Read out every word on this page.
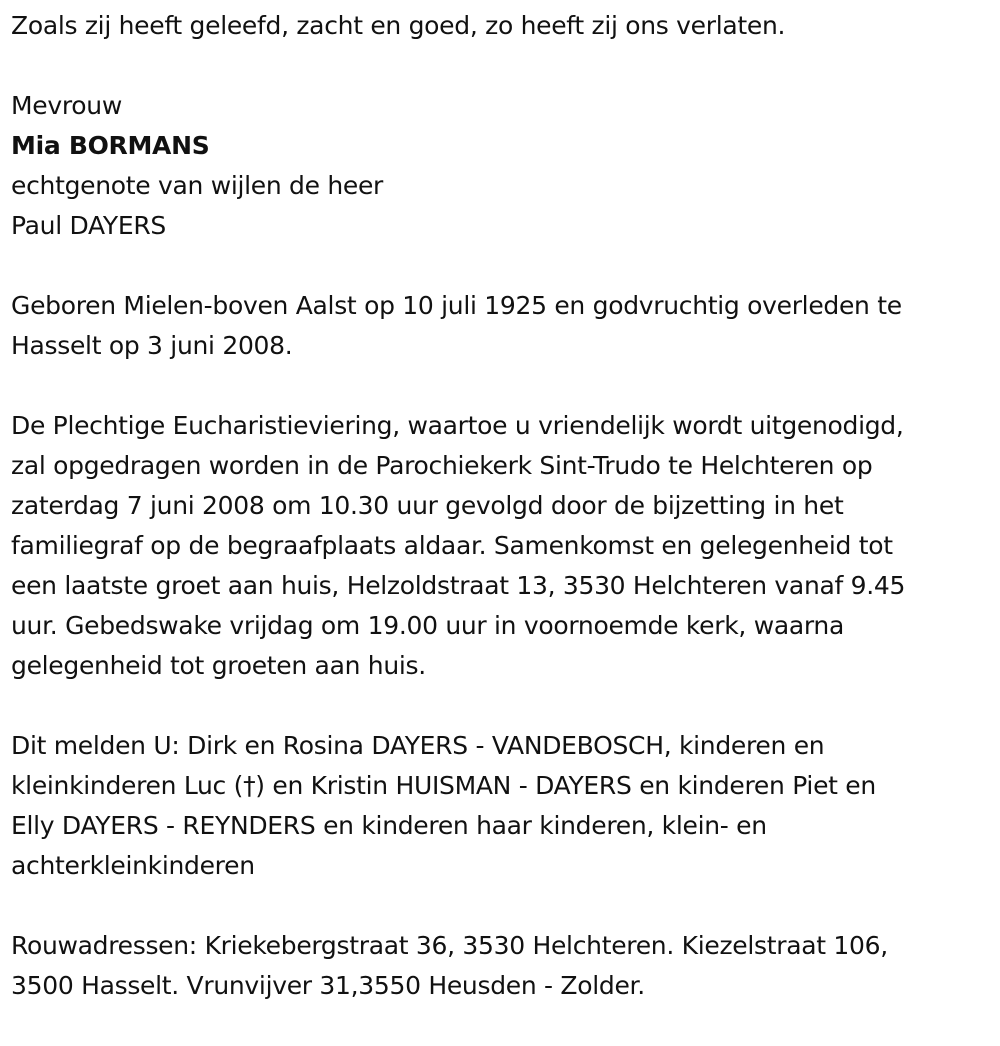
Zoals zij heeft geleefd, zacht en goed, zo heeft zij ons verlaten.
Mevrouw
Mia BORMANS
echtgenote van wijlen de heer
Paul DAYERS

Geboren Mielen-boven Aalst op 10 juli 1925 en godvruchtig overleden te
Hasselt op 3 juni 2008.

De Plechtige Eucharistieviering, waartoe u vriendelijk wordt uitgenodigd,
zal opgedragen worden in de Parochiekerk Sint-Trudo te Helchteren op
zaterdag 7 juni 2008 om 10.30 uur gevolgd door de bijzetting in het
familiegraf op de begraafplaats aldaar. Samenkomst en gelegenheid tot
een laatste groet aan huis, Helzoldstraat 13, 3530 Helchteren vanaf 9.45
uur. Gebedswake vrijdag om 19.00 uur in voornoemde kerk, waarna
gelegenheid tot groeten aan huis.

Dit melden U: Dirk en Rosina DAYERS - VANDEBOSCH, kinderen en
kleinkinderen Luc (†) en Kristin HUISMAN - DAYERS en kinderen Piet en
Elly DAYERS - REYNDERS en kinderen haar kinderen, klein- en
achterkleinkinderen

Rouwadressen: Kriekebergstraat 36, 3530 Helchteren. Kiezelstraat 106,
3500 Hasselt. Vrunvijver 31,3550 Heusden - Zolder.
